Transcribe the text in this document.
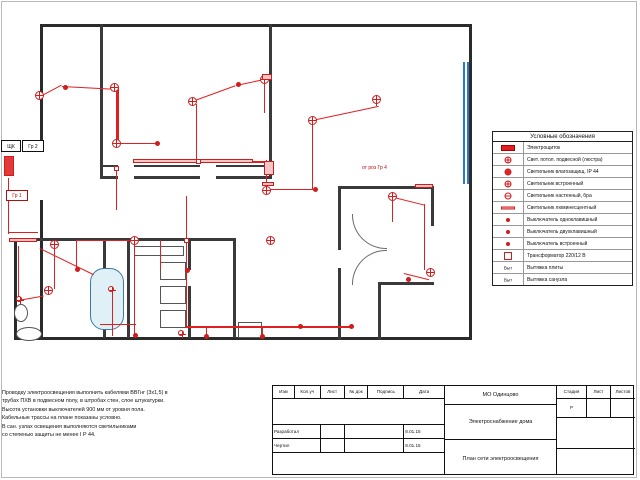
ЩК	Гр 2
Гр 1
от роз Гр 4
Условные обозначения
Электрощиток
Свет. потол. подвесной (люстра)
Светильник влагозащищ. IP 44
Светильник встроенный
Светильник настенный, бра
Светильник люминесцентный
Выключатель одноклавишный
Выключатель двухклавишный
Выключатель встроенный
Трансформатор 220/12 В
Выт	Вытяжка плиты
Выт	Вытяжка санузла
Проводку электроосвещения выполнить кабелями ВВГнг (3х1,5) в
трубах ПХВ в подвесном полу, в штробах стен, слое штукатурки.
Высота установки выключателей 900 мм от уровня пола.
Кабельные трассы на плане показаны условно.
В сан. узлах освещения выполняются светильниками
со степенью защиты не менее I P 44.
Изм	Кол.уч	Лист	№ док	Подпись	Дата
Разработал	8.01.15
Чертил	8.01.15
МО Одинцово
Электроснабжение дома
План сети электроосвещения
Стадия	Лист	Листов
Р
